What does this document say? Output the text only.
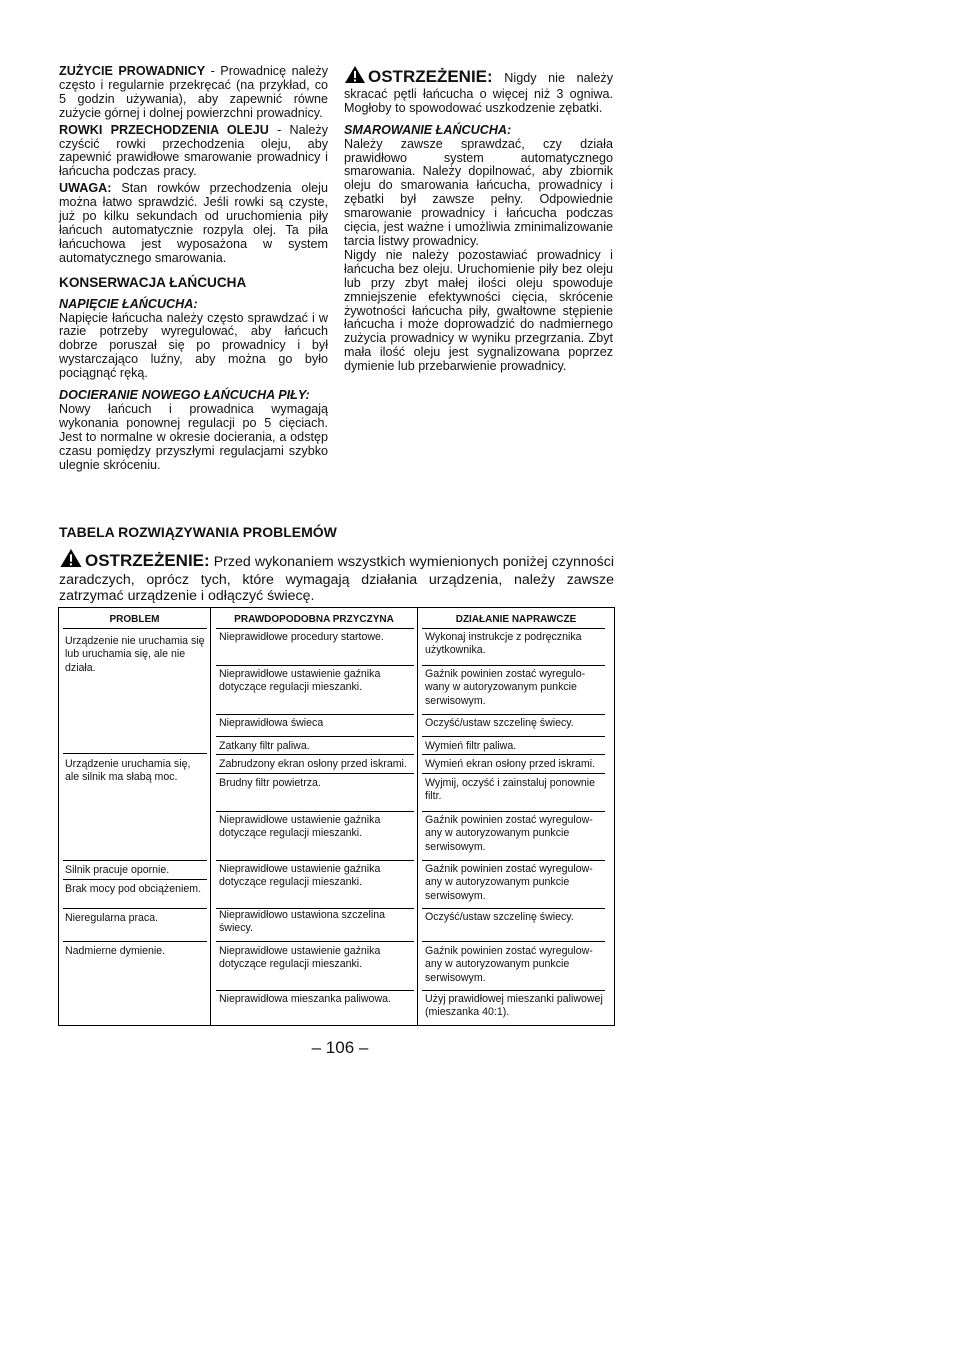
ZUŻYCIE PROWADNICY - Prowadnicę należy często i regularnie przekręcać (na przykład, co 5 godzin używania), aby zapewnić równe zużycie górnej i dolnej powierzchni prowadnicy.

ROWKI PRZECHODZENIA OLEJU - Należy czyścić rowki przechodzenia oleju, aby zapewnić prawidłowe smarowanie prowadnicy i łańcucha podczas pracy.

UWAGA: Stan rowków przechodzenia oleju można łatwo sprawdzić. Jeśli rowki są czyste, już po kilku sekundach od uruchomienia piły łańcuch automatycznie rozpyla olej. Ta piła łańcuchowa jest wyposażona w system automatycznego smarowania.

KONSERWACJA ŁAŃCUCHA
NAPIĘCIE ŁAŃCUCHA:

Napięcie łańcucha należy często sprawdzać i w razie potrzeby wyregulować, aby łańcuch dobrze poruszał się po prowadnicy i był wystarczająco luźny, aby można go było pociągnąć ręką.

DOCIERANIE NOWEGO ŁAŃCUCHA PIŁY:

Nowy łańcuch i prowadnica wymagają wykonania ponownej regulacji po 5 cięciach. Jest to normalne w okresie docierania, a odstęp czasu pomiędzy przyszłymi regulacjami szybko ulegnie skróceniu.

OSTRZEŻENIE: Nigdy nie należy skracać pętli łańcucha o więcej niż 3 ogniwa. Mogłoby to spowodować uszkodzenie zębatki.

SMAROWANIE ŁAŃCUCHA:

Należy zawsze sprawdzać, czy działa prawidłowo system automatycznego smarowania. Należy dopilnować, aby zbiornik oleju do smarowania łańcucha, prowadnicy i zębatki był zawsze pełny. Odpowiednie smarowanie prowadnicy i łańcucha podczas cięcia, jest ważne i umożliwia zminimalizowanie tarcia listwy prowadnicy.

Nigdy nie należy pozostawiać prowadnicy i łańcucha bez oleju. Uruchomienie piły bez oleju lub przy zbyt małej ilości oleju spowoduje zmniejszenie efektywności cięcia, skrócenie żywotności łańcucha piły, gwałtowne stępienie łańcucha i może doprowadzić do nadmiernego zużycia prowadnicy w wyniku przegrzania. Zbyt mała ilość oleju jest sygnalizowana poprzez dymienie lub przebarwienie prowadnicy.

TABELA ROZWIĄZYWANIA PROBLEMÓW
OSTRZEŻENIE: Przed wykonaniem wszystkich wymienionych poniżej czynności zaradczych, oprócz tych, które wymagają działania urządzenia, należy zawsze zatrzymać urządzenie i odłączyć świecę.
PROBLEM	PRAWDOPODOBNA PRZYCZYNA	DZIAŁANIE NAPRAWCZE
Urządzenie nie uruchamia się lub uruchamia się, ale nie działa.
Urządzenie uruchamia się, ale silnik ma słabą moc.
Silnik pracuje opornie.
Brak mocy pod obciążeniem.
Nieregularna praca.
Nadmierne dymienie.
Nieprawidłowe procedury startowe.
Nieprawidłowe ustawienie gaźnika dotyczące regulacji mieszanki.
Nieprawidłowa świeca
Zatkany filtr paliwa.
Zabrudzony ekran osłony przed iskrami.
Brudny filtr powietrza.
Nieprawidłowe ustawienie gaźnika dotyczące regulacji mieszanki.
Nieprawidłowe ustawienie gaźnika dotyczące regulacji mieszanki.
Nieprawidłowo ustawiona szczelina świecy.
Nieprawidłowe ustawienie gaźnika dotyczące regulacji mieszanki.
Nieprawidłowa mieszanka paliwowa.
Wykonaj instrukcje z podręcznika użytkownika.
Gaźnik powinien zostać wyregulo-wany w autoryzowanym punkcie serwisowym.
Oczyść/ustaw szczelinę świecy.
Wymień filtr paliwa.
Wymień ekran osłony przed iskrami.
Wyjmij, oczyść i zainstaluj ponownie filtr.
Gaźnik powinien zostać wyregulow-any w autoryzowanym punkcie serwisowym.
Gaźnik powinien zostać wyregulow-any w autoryzowanym punkcie serwisowym.
Oczyść/ustaw szczelinę świecy.
Gaźnik powinien zostać wyregulow-any w autoryzowanym punkcie serwisowym.
Użyj prawidłowej mieszanki paliwowej (mieszanka 40:1).
– 106 –
